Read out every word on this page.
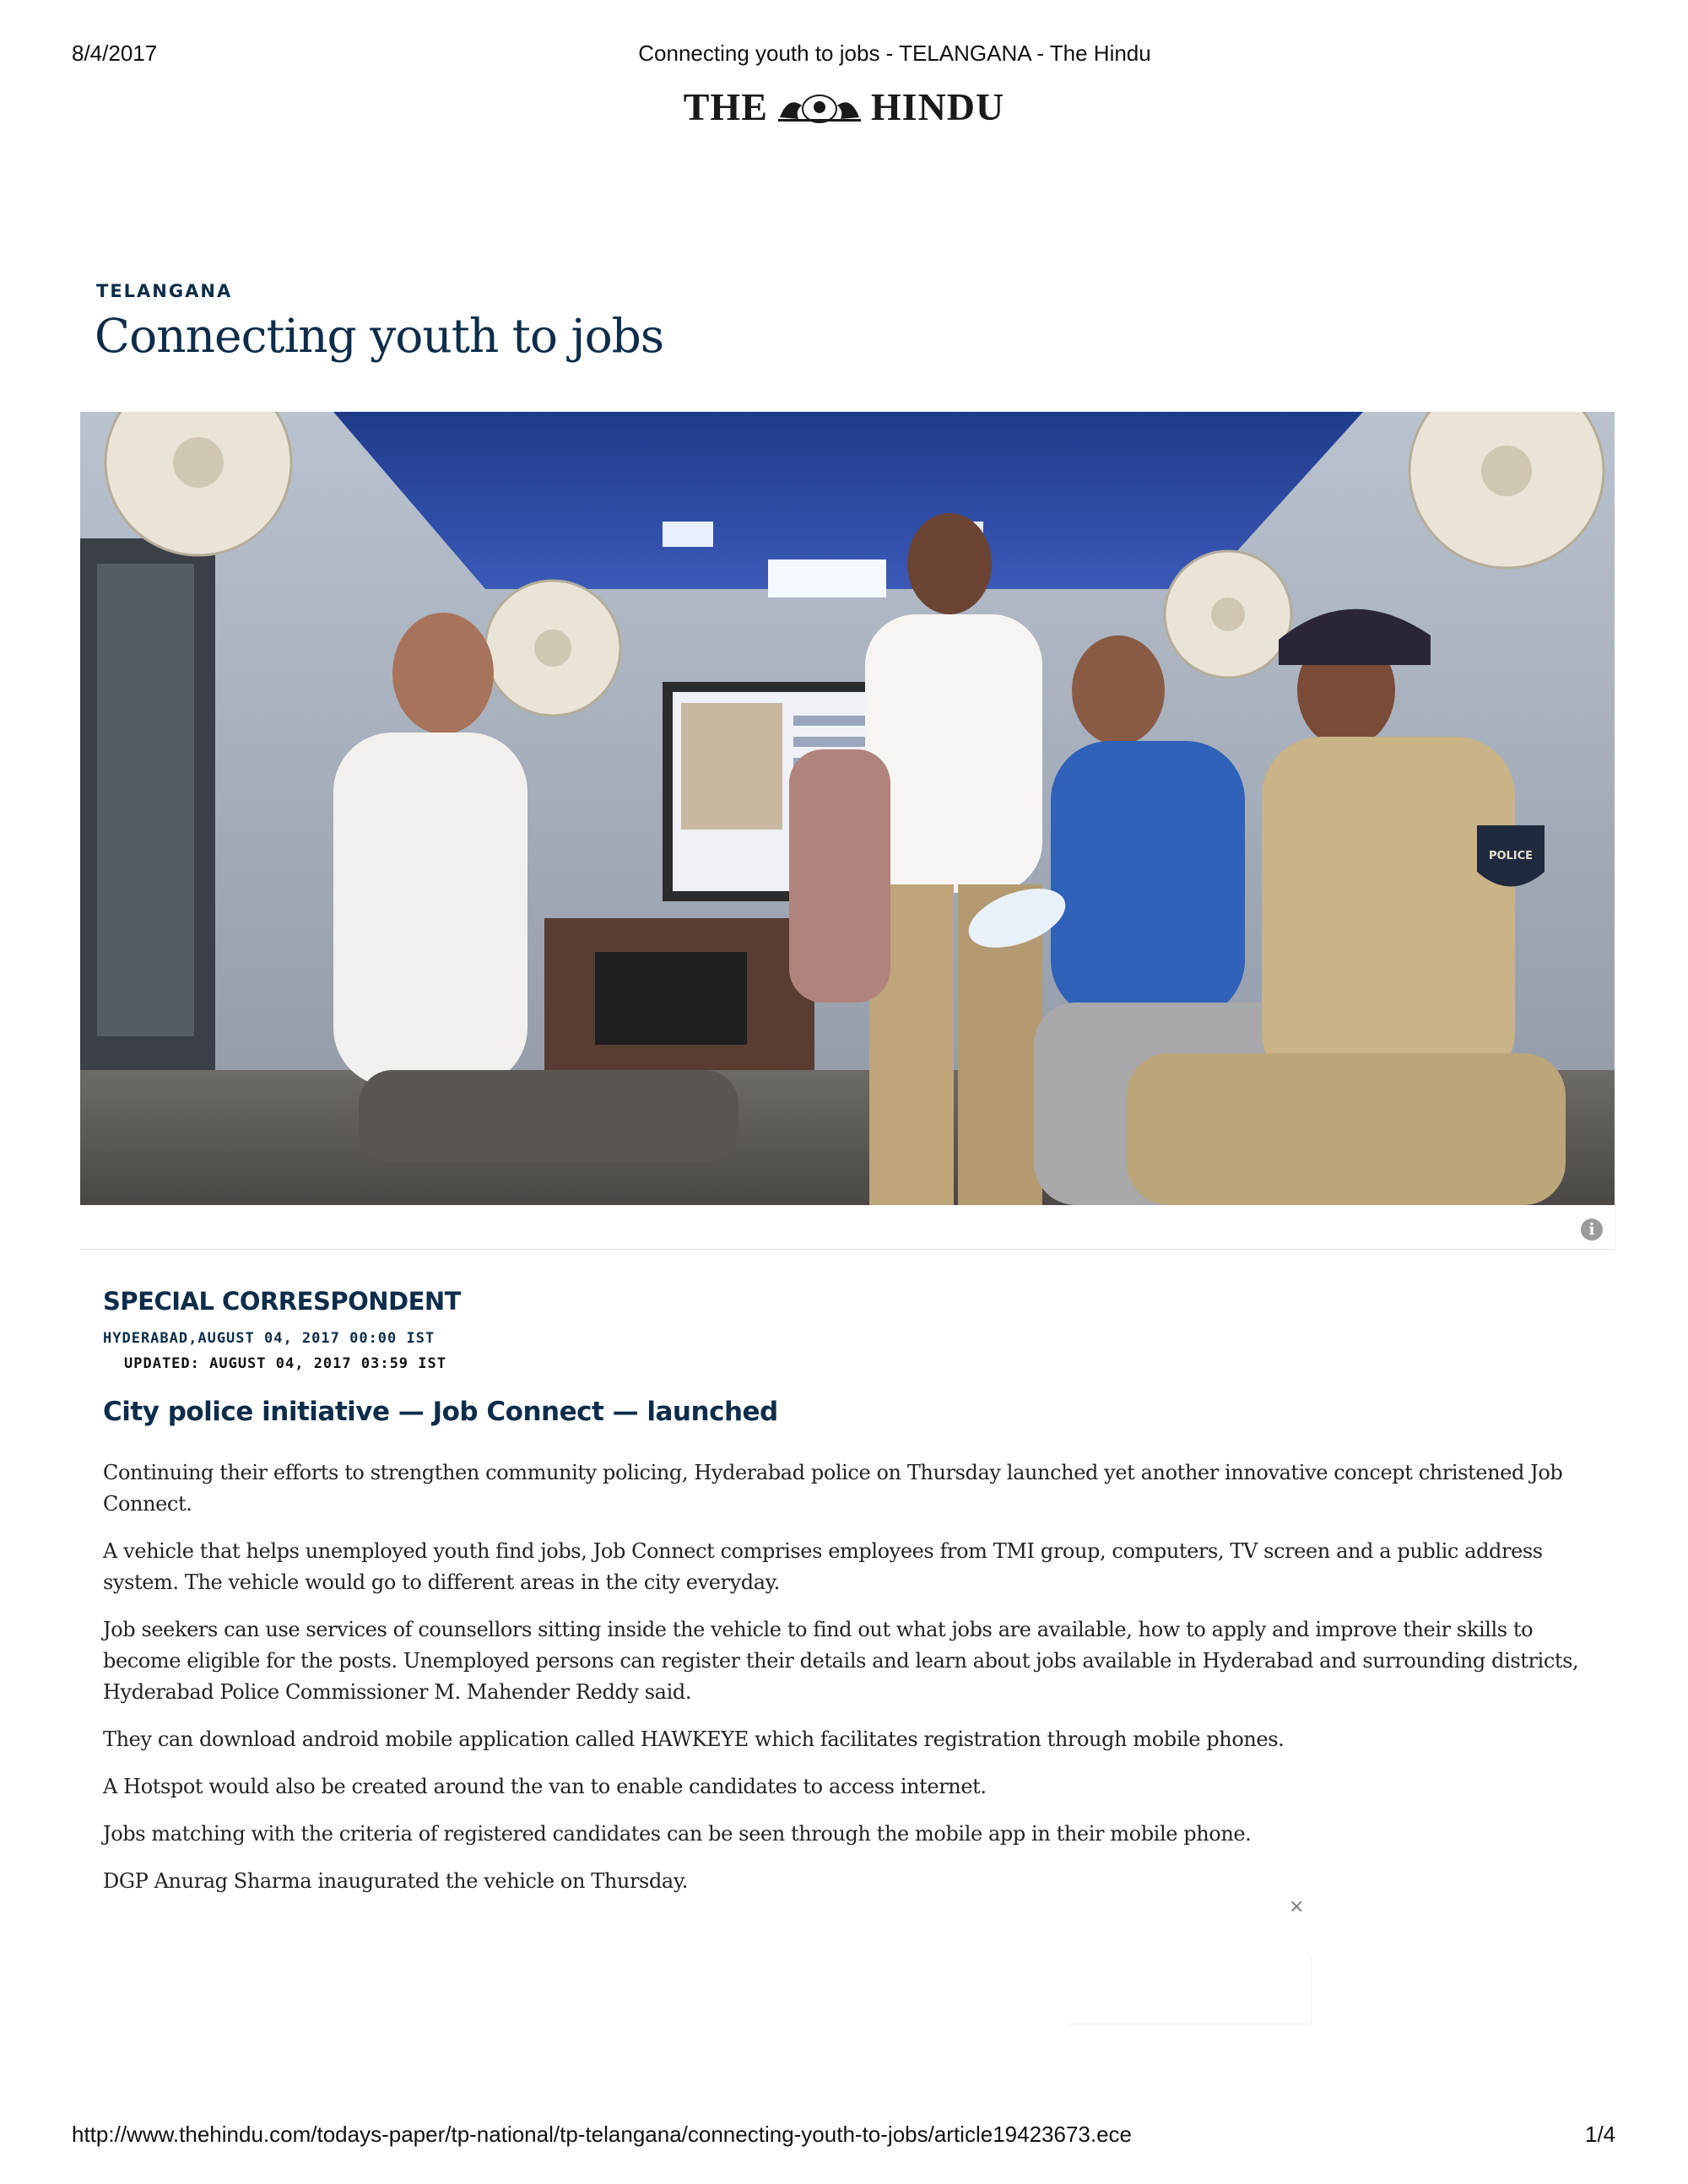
8/4/2017	Connecting youth to jobs - TELANGANA - The Hindu
THE	HINDU
TELANGANA
Connecting youth to jobs
POLICE
i
SPECIAL CORRESPONDENT
HYDERABAD,AUGUST 04, 2017 00:00 IST
UPDATED: AUGUST 04, 2017 03:59 IST
City police initiative — Job Connect — launched

Continuing their efforts to strengthen community policing, Hyderabad police on Thursday launched yet another innovative concept christened Job Connect.

A vehicle that helps unemployed youth find jobs, Job Connect comprises employees from TMI group, computers, TV screen and a public address system. The vehicle would go to different areas in the city everyday.

Job seekers can use services of counsellors sitting inside the vehicle to find out what jobs are available, how to apply and improve their skills to become eligible for the posts. Unemployed persons can register their details and learn about jobs available in Hyderabad and surrounding districts, Hyderabad Police Commissioner M. Mahender Reddy said.

They can download android mobile application called HAWKEYE which facilitates registration through mobile phones.

A Hotspot would also be created around the van to enable candidates to access internet.

Jobs matching with the criteria of registered candidates can be seen through the mobile app in their mobile phone.

DGP Anurag Sharma inaugurated the vehicle on Thursday.

×
http://www.thehindu.com/todays-paper/tp-national/tp-telangana/connecting-youth-to-jobs/article19423673.ece	1/4
